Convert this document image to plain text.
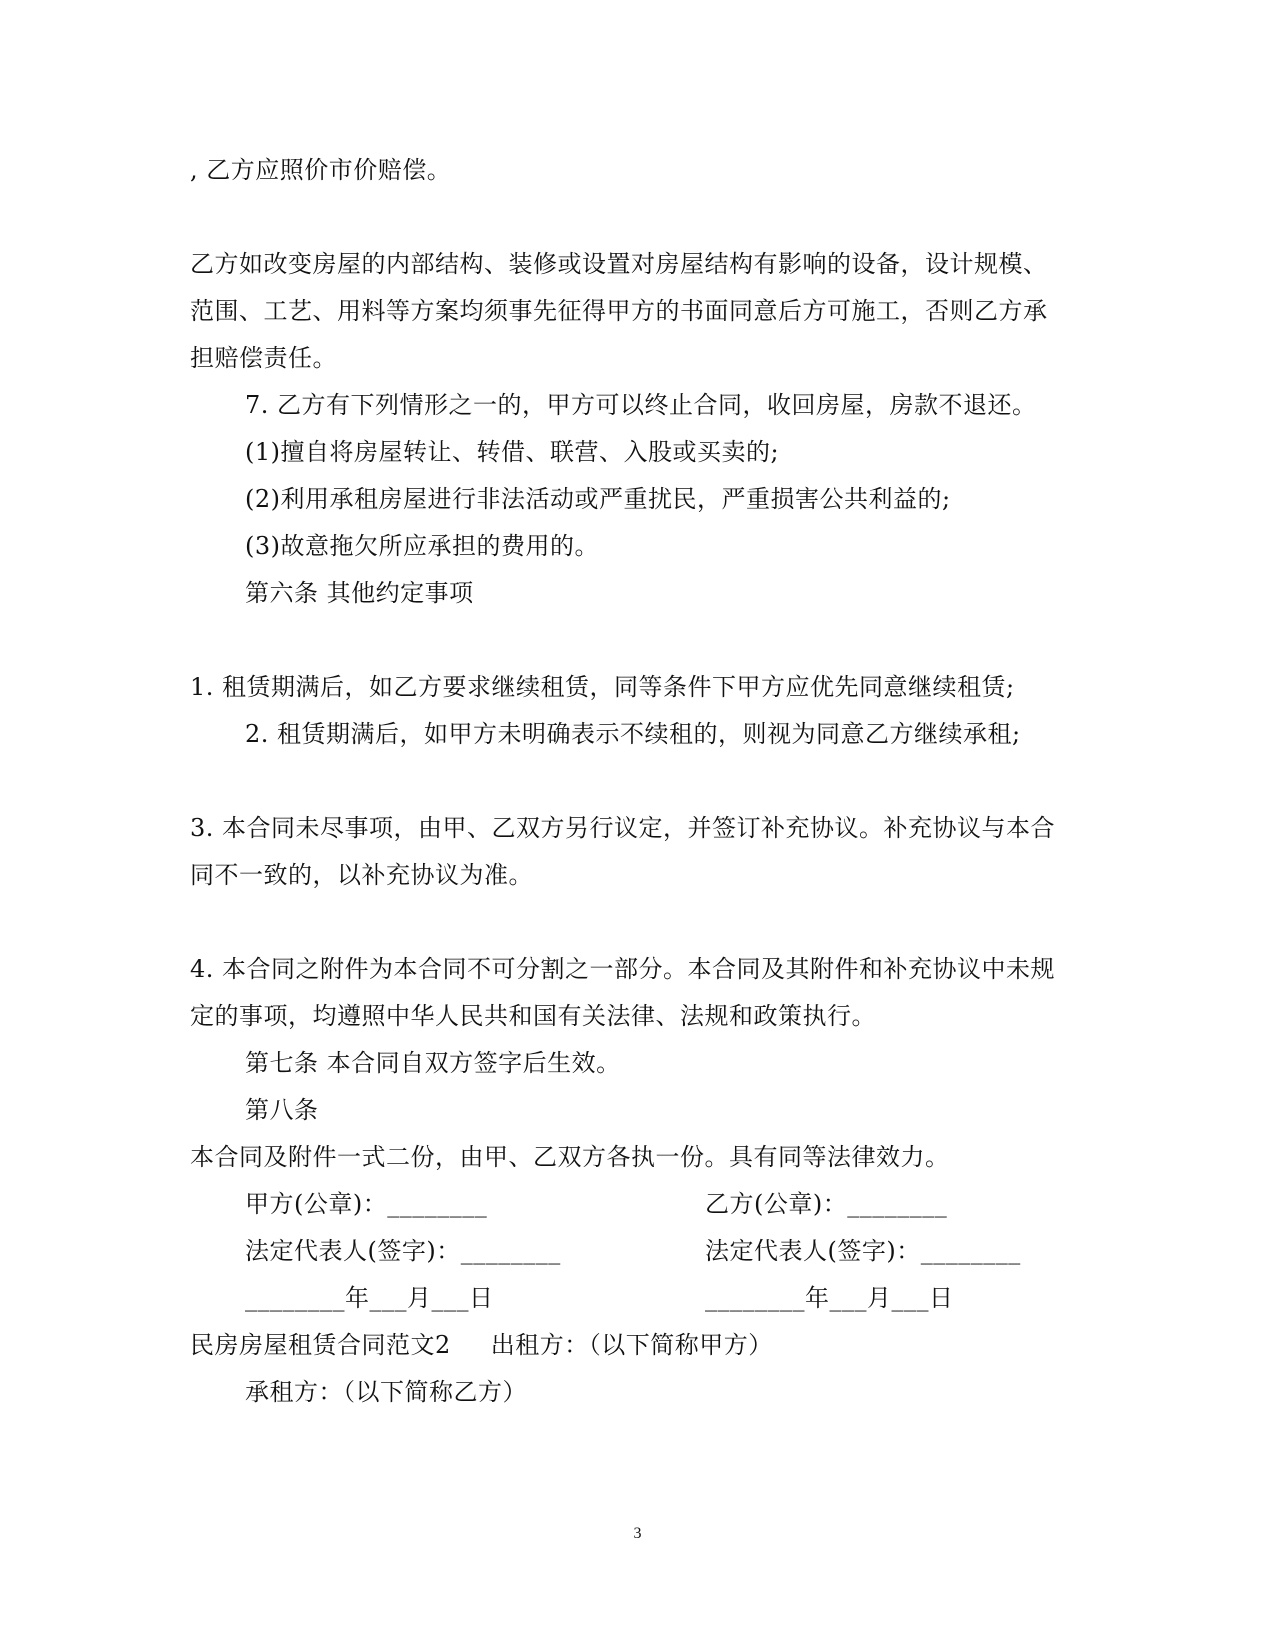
, 乙方应照价市价赔偿。
乙方如改变房屋的内部结构、装修或设置对房屋结构有影响的设备，设计规模、
范围、工艺、用料等方案均须事先征得甲方的书面同意后方可施工，否则乙方承
担赔偿责任。
7. 乙方有下列情形之一的，甲方可以终止合同，收回房屋，房款不退还。
(1)擅自将房屋转让、转借、联营、入股或买卖的;
(2)利用承租房屋进行非法活动或严重扰民，严重损害公共利益的;
(3)故意拖欠所应承担的费用的。
第六条 其他约定事项
1. 租赁期满后，如乙方要求继续租赁，同等条件下甲方应优先同意继续租赁;
2. 租赁期满后，如甲方未明确表示不续租的，则视为同意乙方继续承租;
3. 本合同未尽事项，由甲、乙双方另行议定，并签订补充协议。补充协议与本合
同不一致的，以补充协议为准。
4. 本合同之附件为本合同不可分割之一部分。本合同及其附件和补充协议中未规
定的事项，均遵照中华人民共和国有关法律、法规和政策执行。
第七条 本合同自双方签字后生效。
第八条
本合同及附件一式二份，由甲、乙双方各执一份。具有同等法律效力。
甲方(公章)：________	乙方(公章)：________
法定代表人(签字)：________	法定代表人(签字)：________
________年___月___日	________年___月___日
民房房屋租赁合同范文2 出租方：（以下简称甲方）
承租方：（以下简称乙方）
3
